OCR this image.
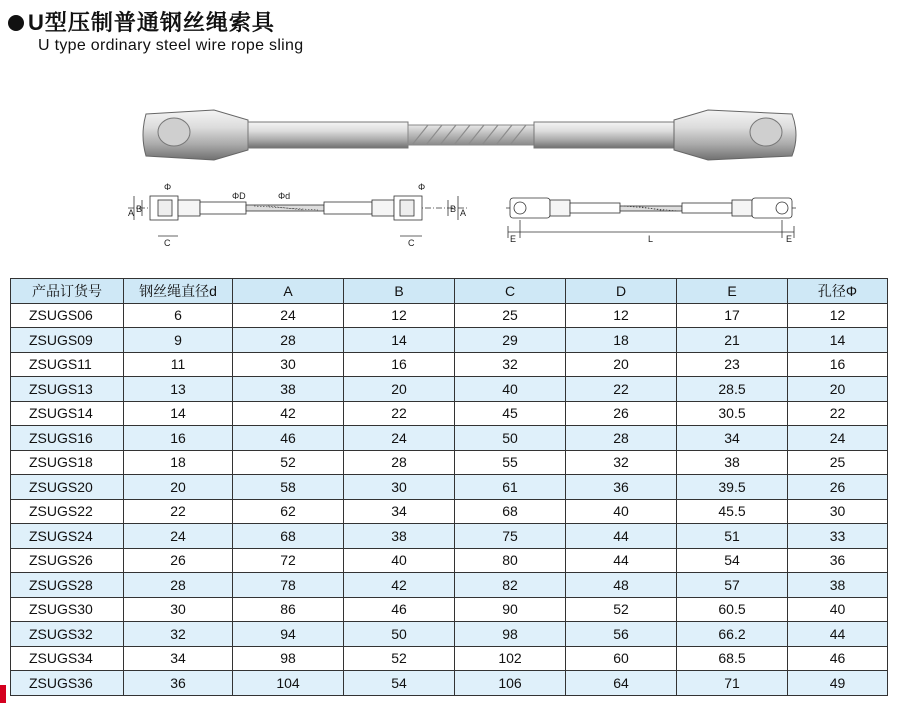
U型压制普通钢丝绳索具
U type ordinary steel wire rope sling
A B
Φ
ΦD	Φd
C
Φ
B A
C	E	L	E
产品订货号	钢丝绳直径d	A	B	C	D	E	孔径Φ
ZSUGS06	6	24	12	25	12	17	12
ZSUGS09	9	28	14	29	18	21	14
ZSUGS11	11	30	16	32	20	23	16
ZSUGS13	13	38	20	40	22	28.5	20
ZSUGS14	14	42	22	45	26	30.5	22
ZSUGS16	16	46	24	50	28	34	24
ZSUGS18	18	52	28	55	32	38	25
ZSUGS20	20	58	30	61	36	39.5	26
ZSUGS22	22	62	34	68	40	45.5	30
ZSUGS24	24	68	38	75	44	51	33
ZSUGS26	26	72	40	80	44	54	36
ZSUGS28	28	78	42	82	48	57	38
ZSUGS30	30	86	46	90	52	60.5	40
ZSUGS32	32	94	50	98	56	66.2	44
ZSUGS34	34	98	52	102	60	68.5	46
ZSUGS36	36	104	54	106	64	71	49
